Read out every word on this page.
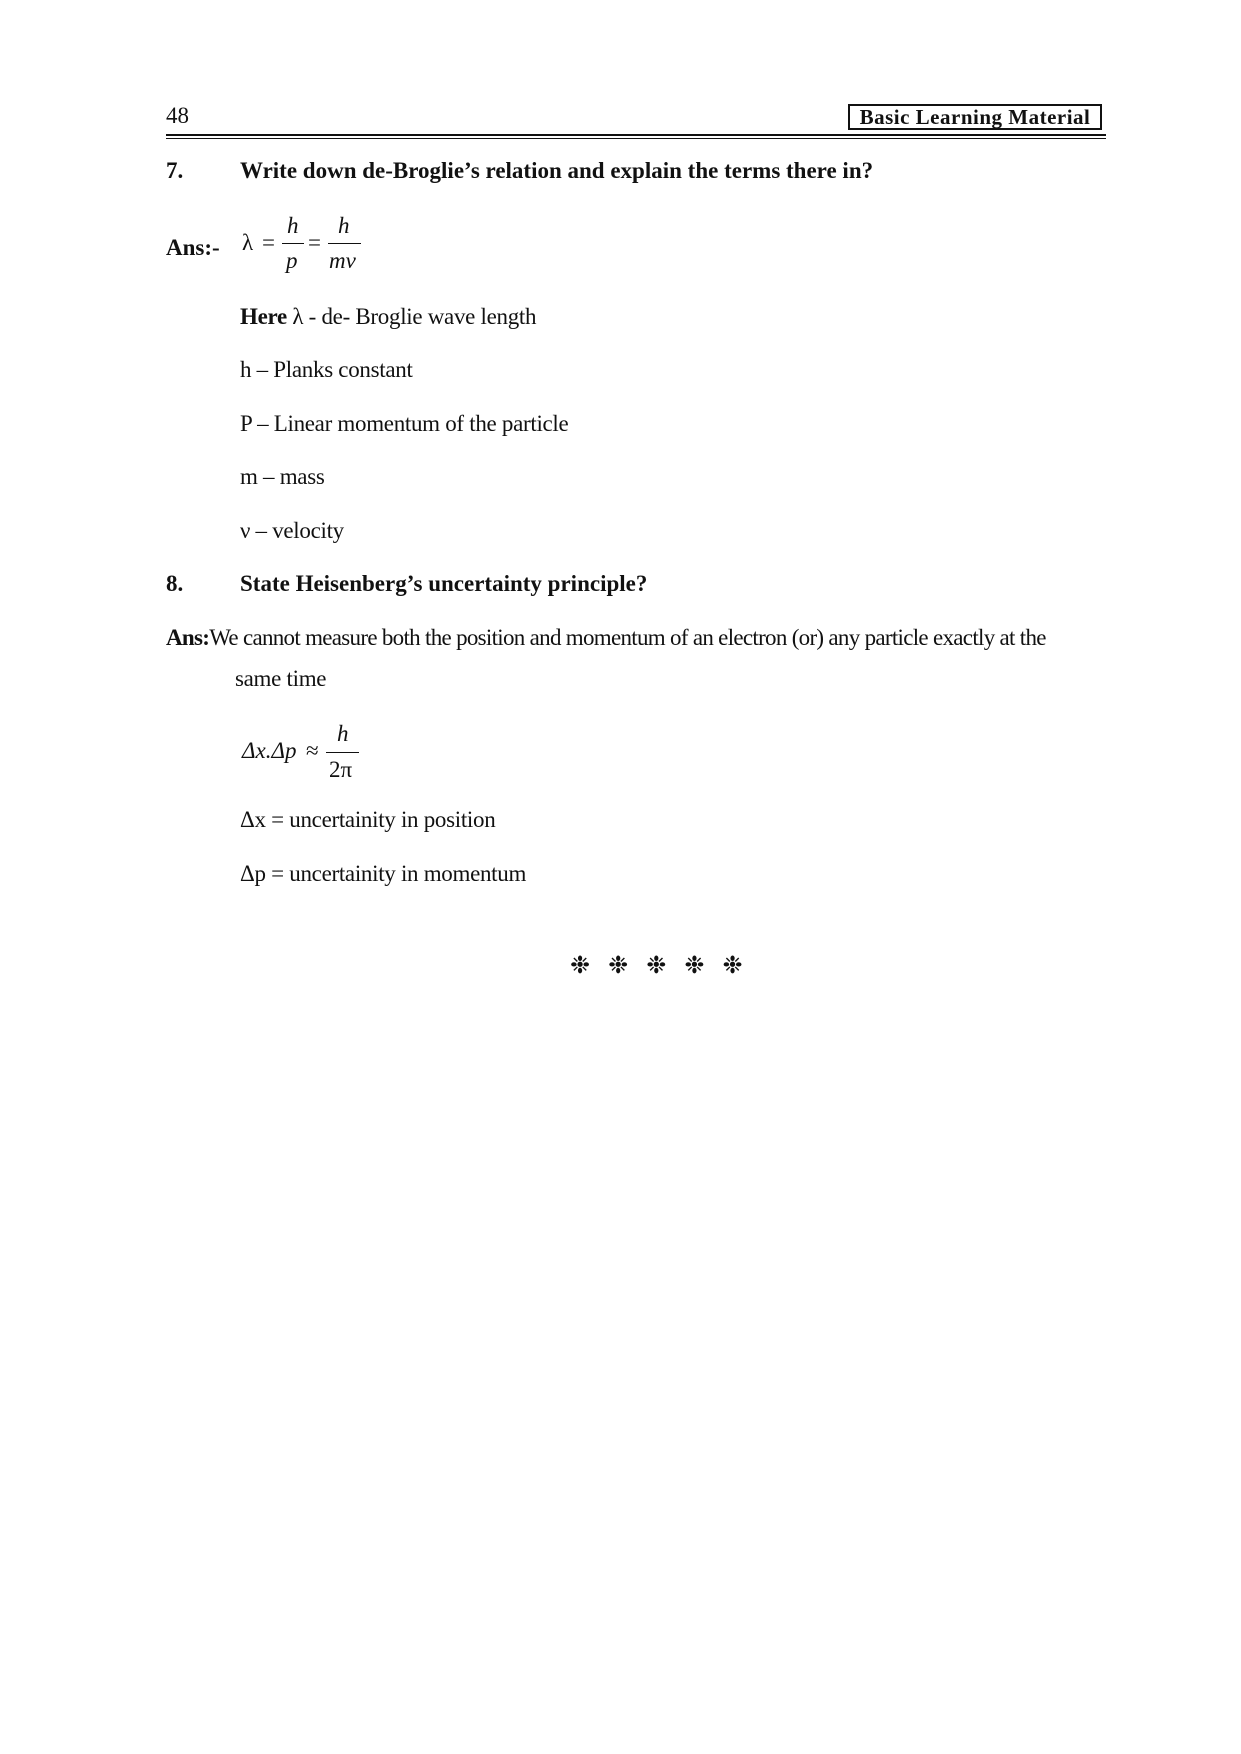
48	Basic Learning Material
7. Write down de-Broglie’s relation and explain the terms there in?
Ans:- λ =
h
p
=
h
mv
Here λ - de- Broglie wave length
h – Planks constant
P – Linear momentum of the particle
m – mass
ν – velocity
8. State Heisenberg’s uncertainty principle?
Ans:We cannot measure both the position and momentum of an electron (or) any particle exactly at the
same time
Δx.Δp ≈
h
2π
Δx = uncertainity in position
Δp = uncertainity in momentum
❉ ❉ ❉ ❉ ❉
